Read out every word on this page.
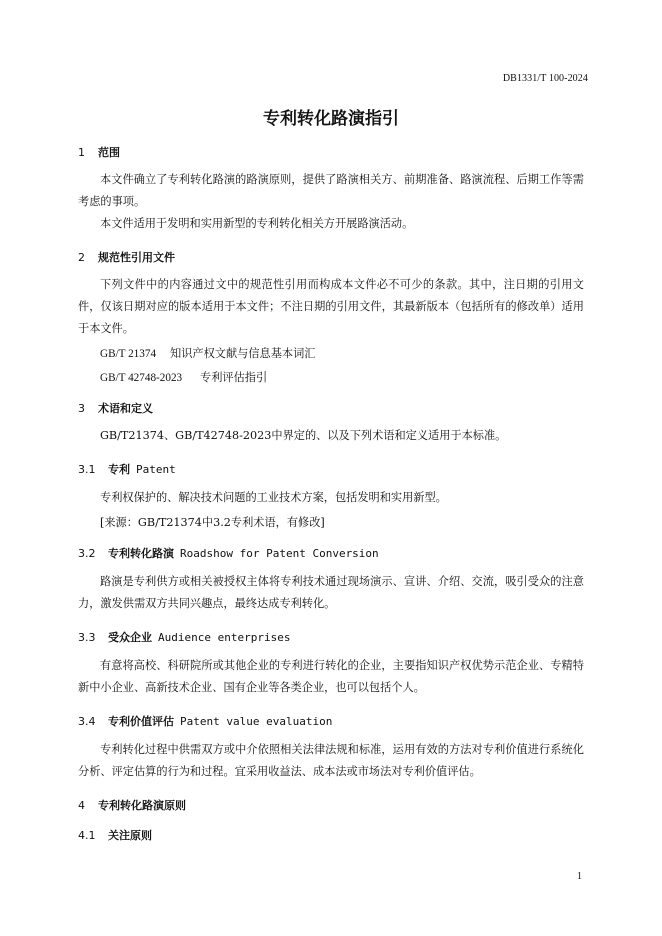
DB1331/T 100-2024
专利转化路演指引
1 范围
本文件确立了专利转化路演的路演原则，提供了路演相关方、前期准备、路演流程、后期工作等需考虑的事项。
本文件适用于发明和实用新型的专利转化相关方开展路演活动。
2 规范性引用文件
下列文件中的内容通过文中的规范性引用而构成本文件必不可少的条款。其中，注日期的引用文件，仅该日期对应的版本适用于本文件；不注日期的引用文件，其最新版本（包括所有的修改单）适用于本文件。
GB/T 21374 知识产权文献与信息基本词汇
GB/T 42748-2023 专利评估指引
3 术语和定义
GB/T21374、GB/T42748-2023中界定的、以及下列术语和定义适用于本标准。
3.1 专利 Patent
专利权保护的、解决技术问题的工业技术方案，包括发明和实用新型。
[来源：GB/T21374中3.2专利术语，有修改]
3.2 专利转化路演 Roadshow for Patent Conversion
路演是专利供方或相关被授权主体将专利技术通过现场演示、宣讲、介绍、交流，吸引受众的注意力，激发供需双方共同兴趣点，最终达成专利转化。
3.3 受众企业 Audience enterprises
有意将高校、科研院所或其他企业的专利进行转化的企业，主要指知识产权优势示范企业、专精特新中小企业、高新技术企业、国有企业等各类企业，也可以包括个人。
3.4 专利价值评估 Patent value evaluation
专利转化过程中供需双方或中介依照相关法律法规和标准，运用有效的方法对专利价值进行系统化分析、评定估算的行为和过程。宜采用收益法、成本法或市场法对专利价值评估。
4 专利转化路演原则
4.1 关注原则
1
